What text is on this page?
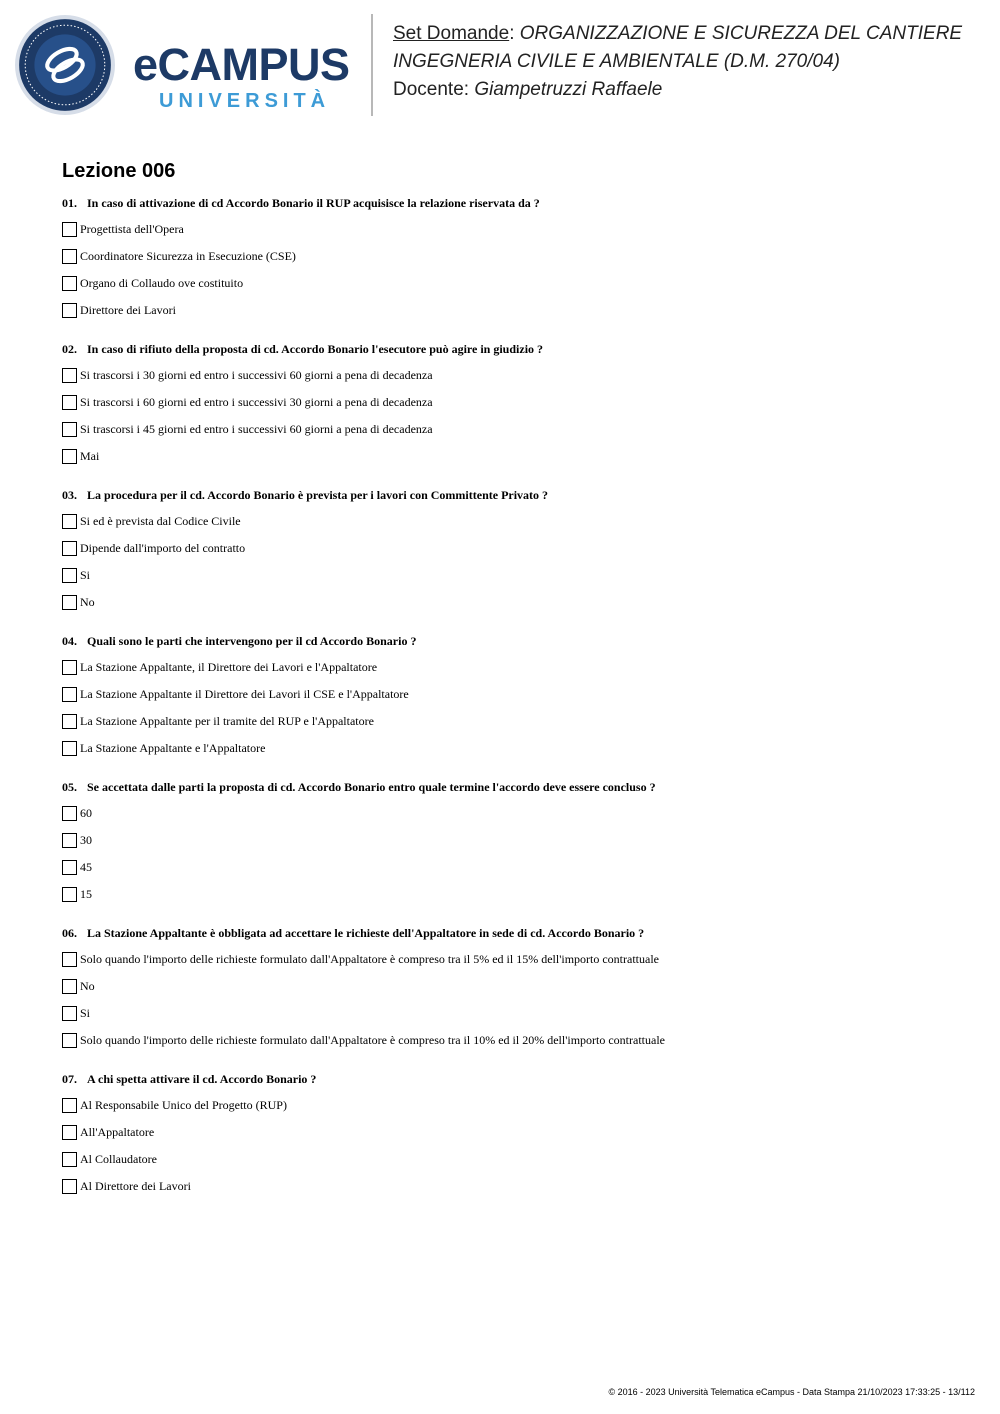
eCAMPUS
UNIVERSITÀ
Set Domande: ORGANIZZAZIONE E SICUREZZA DEL CANTIERE
INGEGNERIA CIVILE E AMBIENTALE (D.M. 270/04)
Docente: Giampetruzzi Raffaele
Lezione 006

01. In caso di attivazione di cd Accordo Bonario il RUP acquisisce la relazione riservata da ?

Progettista dell'Opera
Coordinatore Sicurezza in Esecuzione (CSE)
Organo di Collaudo ove costituito
Direttore dei Lavori

02. In caso di rifiuto della proposta di cd. Accordo Bonario l'esecutore può agire in giudizio ?

Si trascorsi i 30 giorni ed entro i successivi 60 giorni a pena di decadenza
Si trascorsi i 60 giorni ed entro i successivi 30 giorni a pena di decadenza
Si trascorsi i 45 giorni ed entro i successivi 60 giorni a pena di decadenza
Mai

03. La procedura per il cd. Accordo Bonario è prevista per i lavori con Committente Privato ?

Si ed è prevista dal Codice Civile
Dipende dall'importo del contratto
Si
No

04. Quali sono le parti che intervengono per il cd Accordo Bonario ?

La Stazione Appaltante, il Direttore dei Lavori e l'Appaltatore
La Stazione Appaltante il Direttore dei Lavori il CSE e l'Appaltatore
La Stazione Appaltante per il tramite del RUP e l'Appaltatore
La Stazione Appaltante e l'Appaltatore

05. Se accettata dalle parti la proposta di cd. Accordo Bonario entro quale termine l'accordo deve essere concluso ?

60
30
45
15

06. La Stazione Appaltante è obbligata ad accettare le richieste dell'Appaltatore in sede di cd. Accordo Bonario ?

Solo quando l'importo delle richieste formulato dall'Appaltatore è compreso tra il 5% ed il 15% dell'importo contrattuale
No
Si
Solo quando l'importo delle richieste formulato dall'Appaltatore è compreso tra il 10% ed il 20% dell'importo contrattuale

07. A chi spetta attivare il cd. Accordo Bonario ?

Al Responsabile Unico del Progetto (RUP)
All'Appaltatore
Al Collaudatore
Al Direttore dei Lavori
© 2016 - 2023 Università Telematica eCampus - Data Stampa 21/10/2023 17:33:25 - 13/112
